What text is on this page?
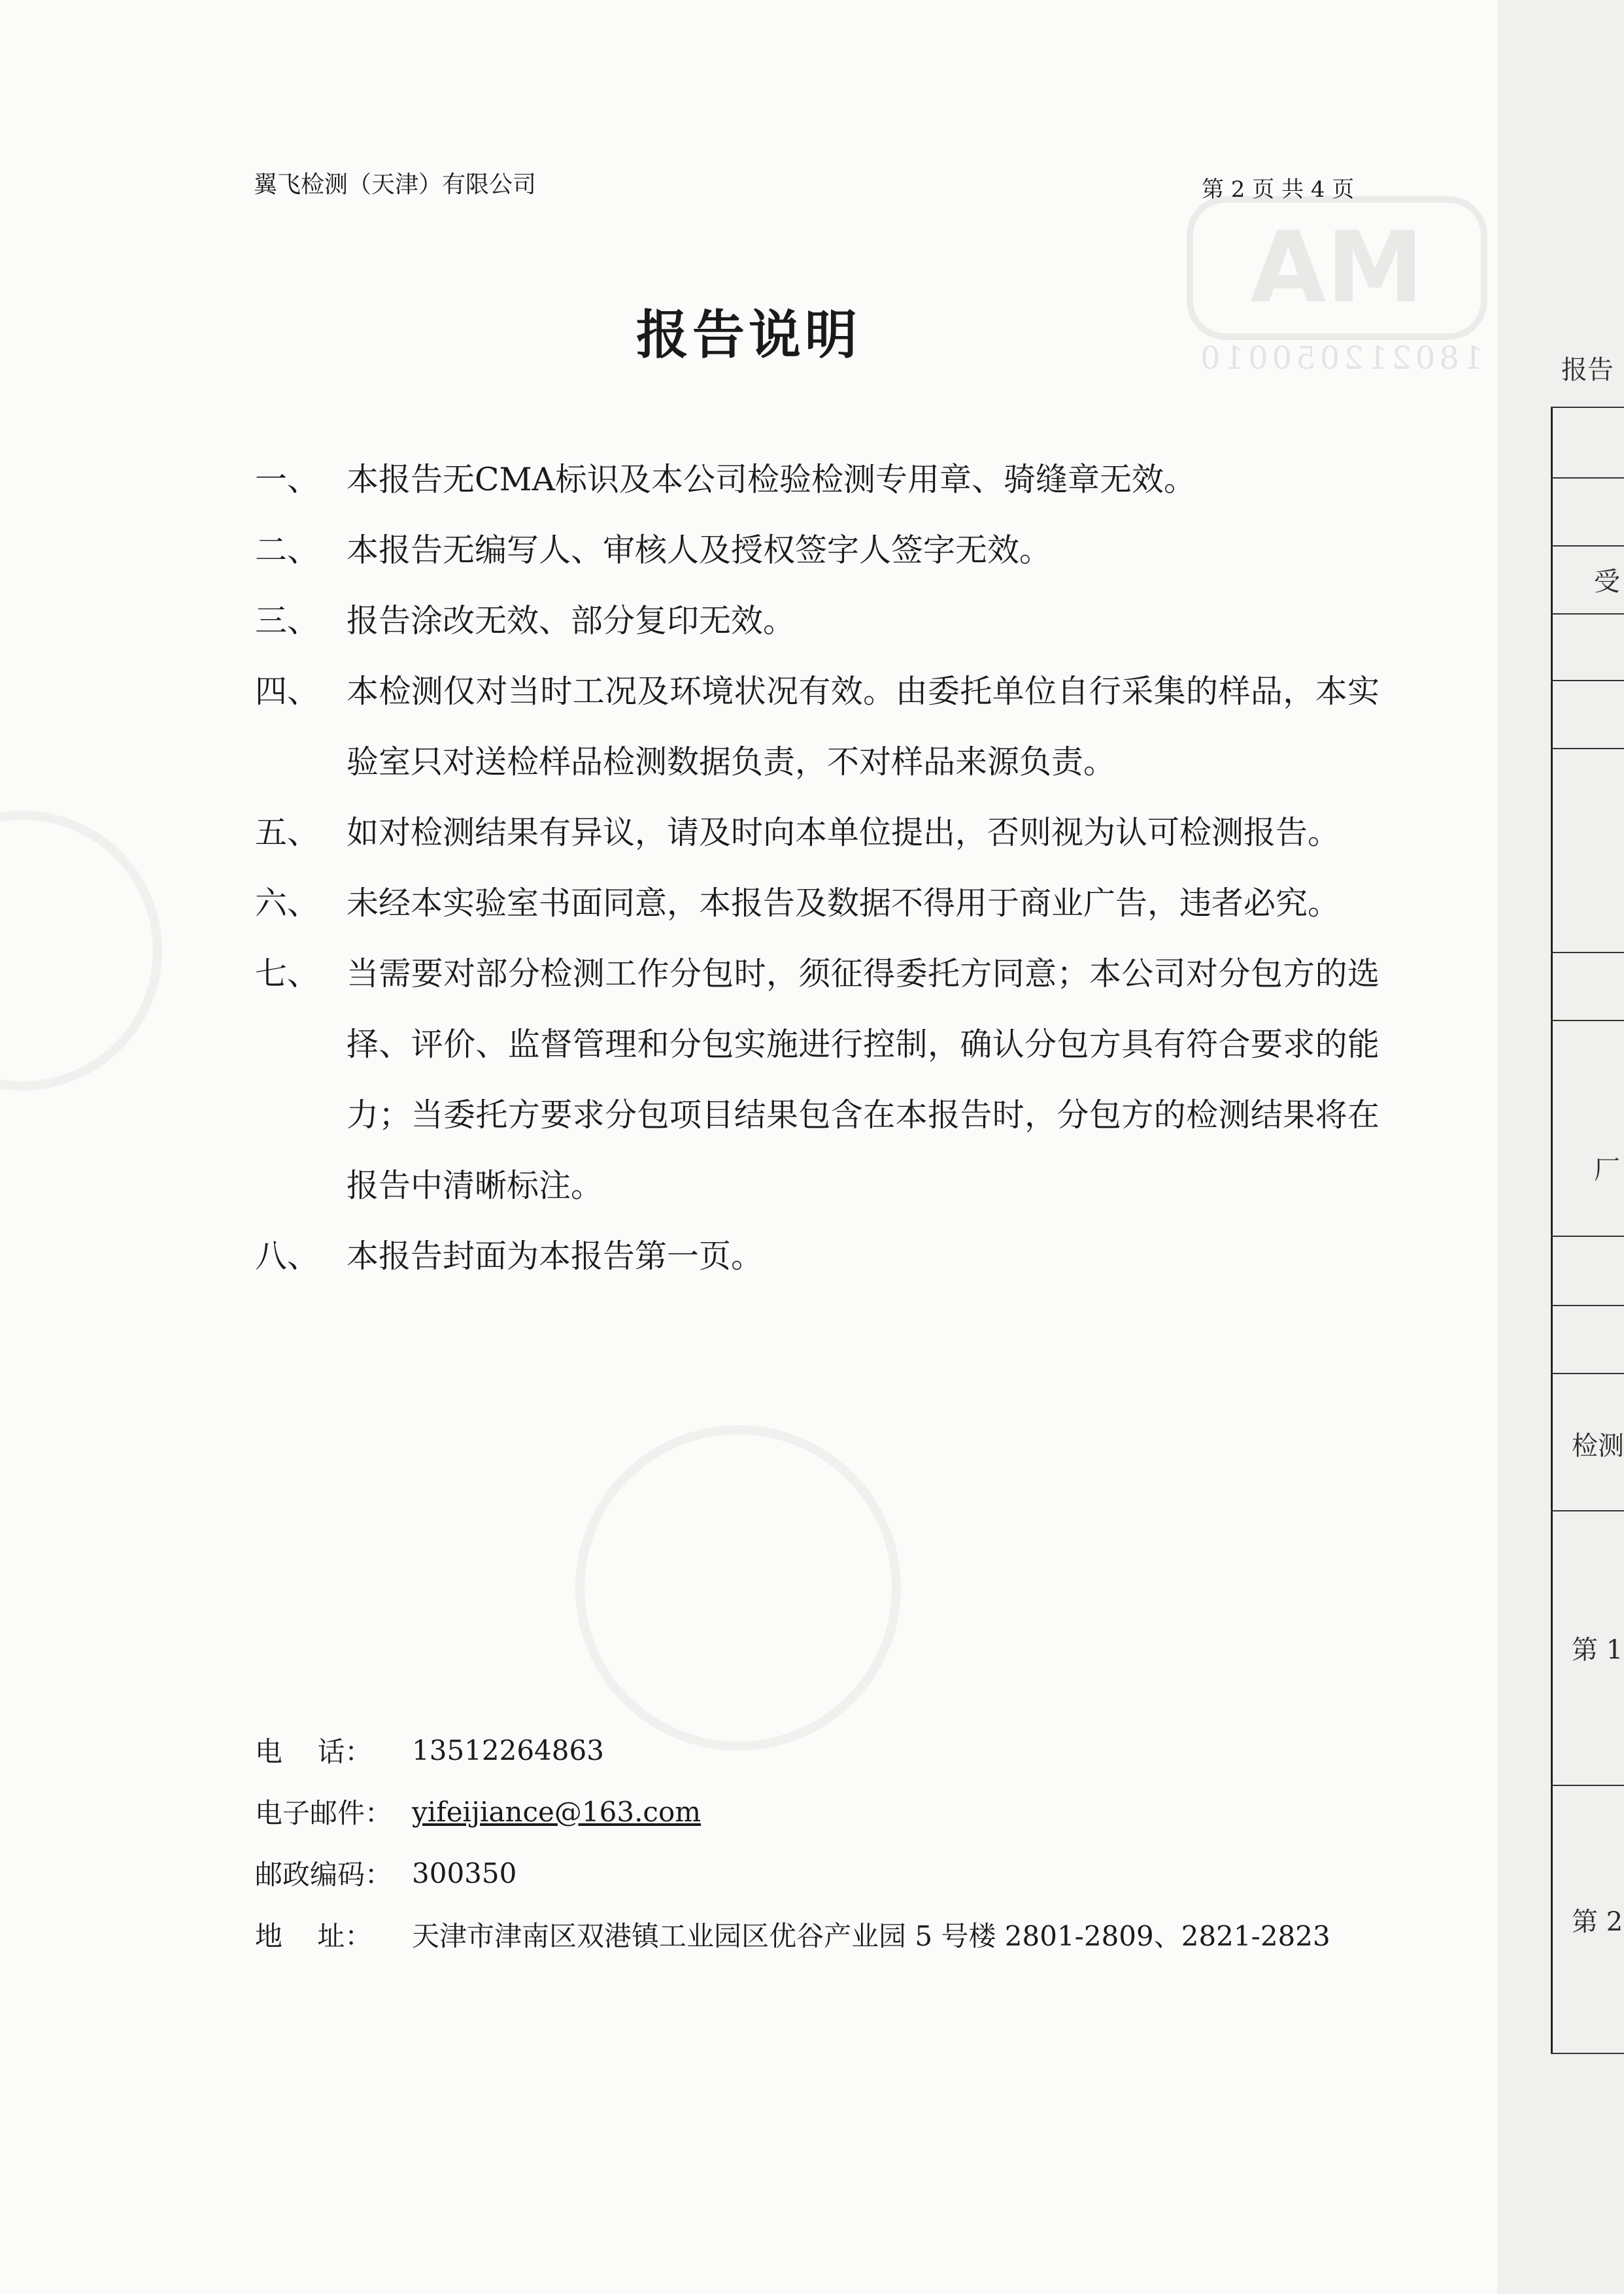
MA
180212050010
翼飞检测（天津）有限公司	第 2 页 共 4 页
报告说明
一、 本报告无CMA标识及本公司检验检测专用章、骑缝章无效。
二、 本报告无编写人、审核人及授权签字人签字无效。
三、 报告涂改无效、部分复印无效。
四、 本检测仅对当时工况及环境状况有效。由委托单位自行采集的样品，本实验室只对送检样品检测数据负责，不对样品来源负责。
五、 如对检测结果有异议，请及时向本单位提出，否则视为认可检测报告。
六、 未经本实验室书面同意，本报告及数据不得用于商业广告，违者必究。
七、 当需要对部分检测工作分包时，须征得委托方同意；本公司对分包方的选择、评价、监督管理和分包实施进行控制，确认分包方具有符合要求的能力；当委托方要求分包项目结果包含在本报告时，分包方的检测结果将在报告中清晰标注。
八、 本报告封面为本报告第一页。
电    话：	13512264863
电子邮件： yifeijiance@163.com
邮政编码： 300350
地    址：	天津市津南区双港镇工业园区优谷产业园 5 号楼 2801-2809、2821-2823
报告
受
厂
检测
第 1
第 2
